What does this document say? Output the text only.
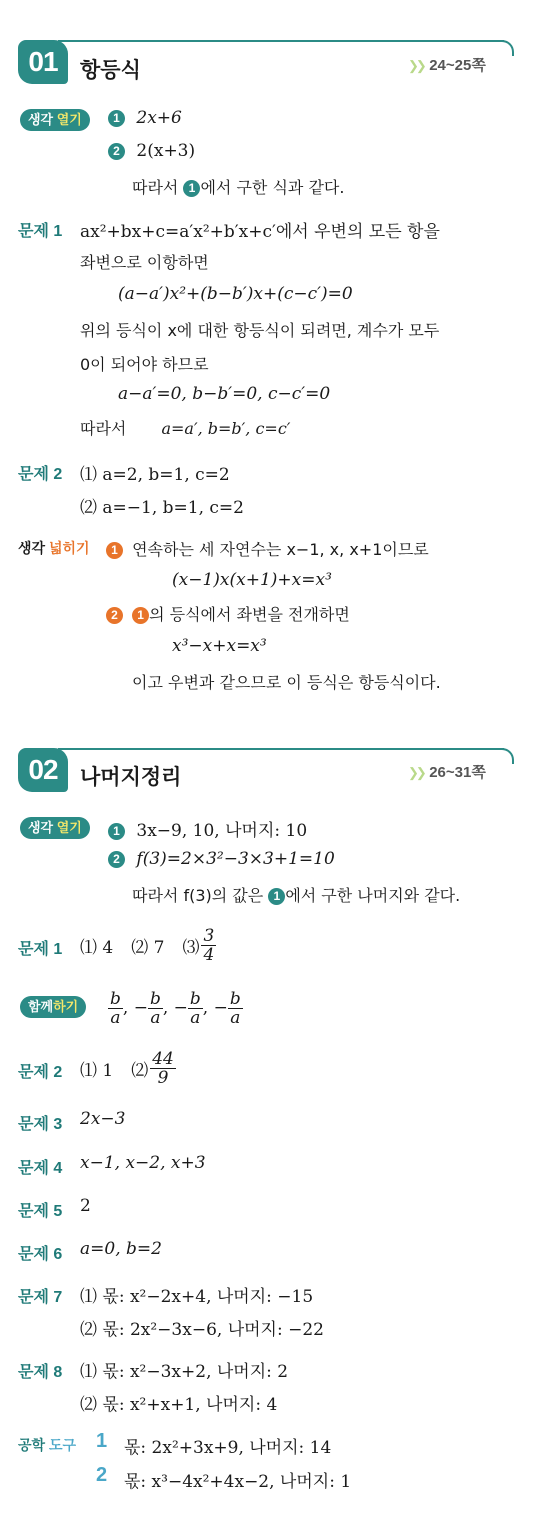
01	항등식	❯❯ 24~25쪽
생각 열기	1 2x+6
2 2(x+3)
따라서 1 에서 구한 식과 같다.
문제 1 ax²+bx+c=a′x²+b′x+c′에서 우변의 모든 항을
좌변으로 이항하면
(a−a′)x²+(b−b′)x+(c−c′)=0
위의 등식이 x에 대한 항등식이 되려면, 계수가 모두
0이 되어야 하므로
a−a′=0, b−b′=0, c−c′=0
따라서 a=a′, b=b′, c=c′
문제 2 ⑴ a=2, b=1, c=2
⑵ a=−1, b=1, c=2
생각 넓히기	1 연속하는 세 자연수는 x−1, x, x+1이므로
(x−1)x(x+1)+x=x³
2 1 의 등식에서 좌변을 전개하면
x³−x+x=x³
이고 우변과 같으므로 이 등식은 항등식이다.
02	나머지정리	❯❯ 26~31쪽
생각 열기	1 3x−9, 10, 나머지: 10
2 f(3)=2×3²−3×3+1=10
따라서 f(3)의 값은 1 에서 구한 나머지와 같다.
문제 1 ⑴ 4 ⑵ 7 ⑶ $\frac{3}{4}$
함께하기	$\frac{b}{a}$ , − $\frac{b}{a}$ , − $\frac{b}{a}$ , − $\frac{b}{a}$
문제 2 ⑴ 1 ⑵ $\frac{44}{9}$
문제 3 2x−3
문제 4 x−1, x−2, x+3
문제 5 2
문제 6 a=0, b=2
문제 7 ⑴ 몫: x²−2x+4, 나머지: −15
⑵ 몫: 2x²−3x−6, 나머지: −22
문제 8 ⑴ 몫: x²−3x+2, 나머지: 2
⑵ 몫: x²+x+1, 나머지: 4
공학 도구 1 몫: 2x²+3x+9, 나머지: 14
2 몫: x³−4x²+4x−2, 나머지: 1
